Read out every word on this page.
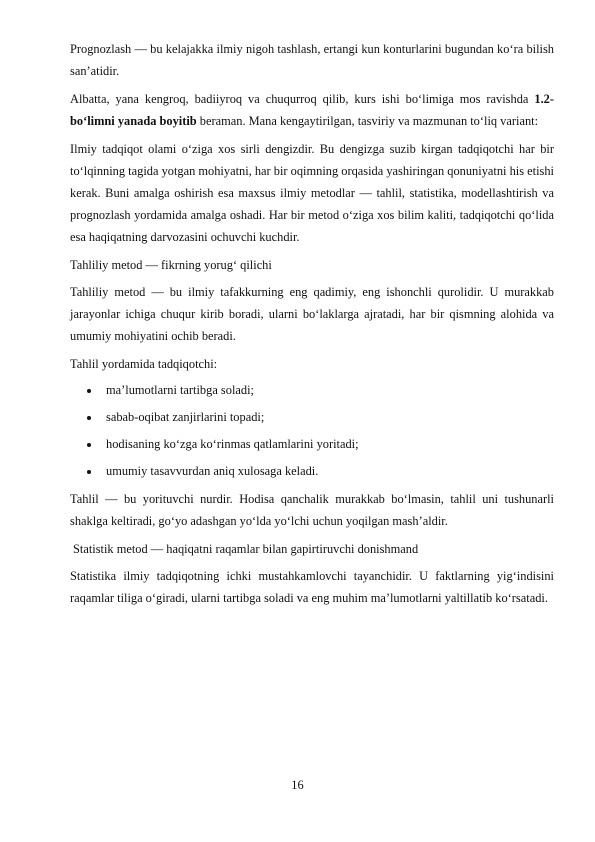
Prognozlash — bu kelajakka ilmiy nigoh tashlash, ertangi kun konturlarini bugundan ko‘ra bilish san’atidir.

Albatta, yana kengroq, badiiyroq va chuqurroq qilib, kurs ishi bo‘limiga mos ravishda 1.2-bo‘limni yanada boyitib beraman. Mana kengaytirilgan, tasviriy va mazmunan to‘liq variant:

Ilmiy tadqiqot olami o‘ziga xos sirli dengizdir. Bu dengizga suzib kirgan tadqiqotchi har bir to‘lqinning tagida yotgan mohiyatni, har bir oqimning orqasida yashiringan qonuniyatni his etishi kerak. Buni amalga oshirish esa maxsus ilmiy metodlar — tahlil, statistika, modellashtirish va prognozlash yordamida amalga oshadi. Har bir metod o‘ziga xos bilim kaliti, tadqiqotchi qo‘lida esa haqiqatning darvozasini ochuvchi kuchdir.

Tahliliy metod — fikrning yorug‘ qilichi

Tahliliy metod — bu ilmiy tafakkurning eng qadimiy, eng ishonchli qurolidir. U murakkab jarayonlar ichiga chuqur kirib boradi, ularni bo‘laklarga ajratadi, har bir qismning alohida va umumiy mohiyatini ochib beradi.

Tahlil yordamida tadqiqotchi:

ma’lumotlarni tartibga soladi;
sabab-oqibat zanjirlarini topadi;
hodisaning ko‘zga ko‘rinmas qatlamlarini yoritadi;
umumiy tasavvurdan aniq xulosaga keladi.

Tahlil — bu yorituvchi nurdir. Hodisa qanchalik murakkab bo‘lmasin, tahlil uni tushunarli shaklga keltiradi, go‘yo adashgan yo‘lda yo‘lchi uchun yoqilgan mash’aldir.

Statistik metod — haqiqatni raqamlar bilan gapirtiruvchi donishmand

Statistika ilmiy tadqiqotning ichki mustahkamlovchi tayanchidir. U faktlarning yig‘indisini raqamlar tiliga o‘giradi, ularni tartibga soladi va eng muhim ma’lumotlarni yaltillatib ko‘rsatadi.

16
